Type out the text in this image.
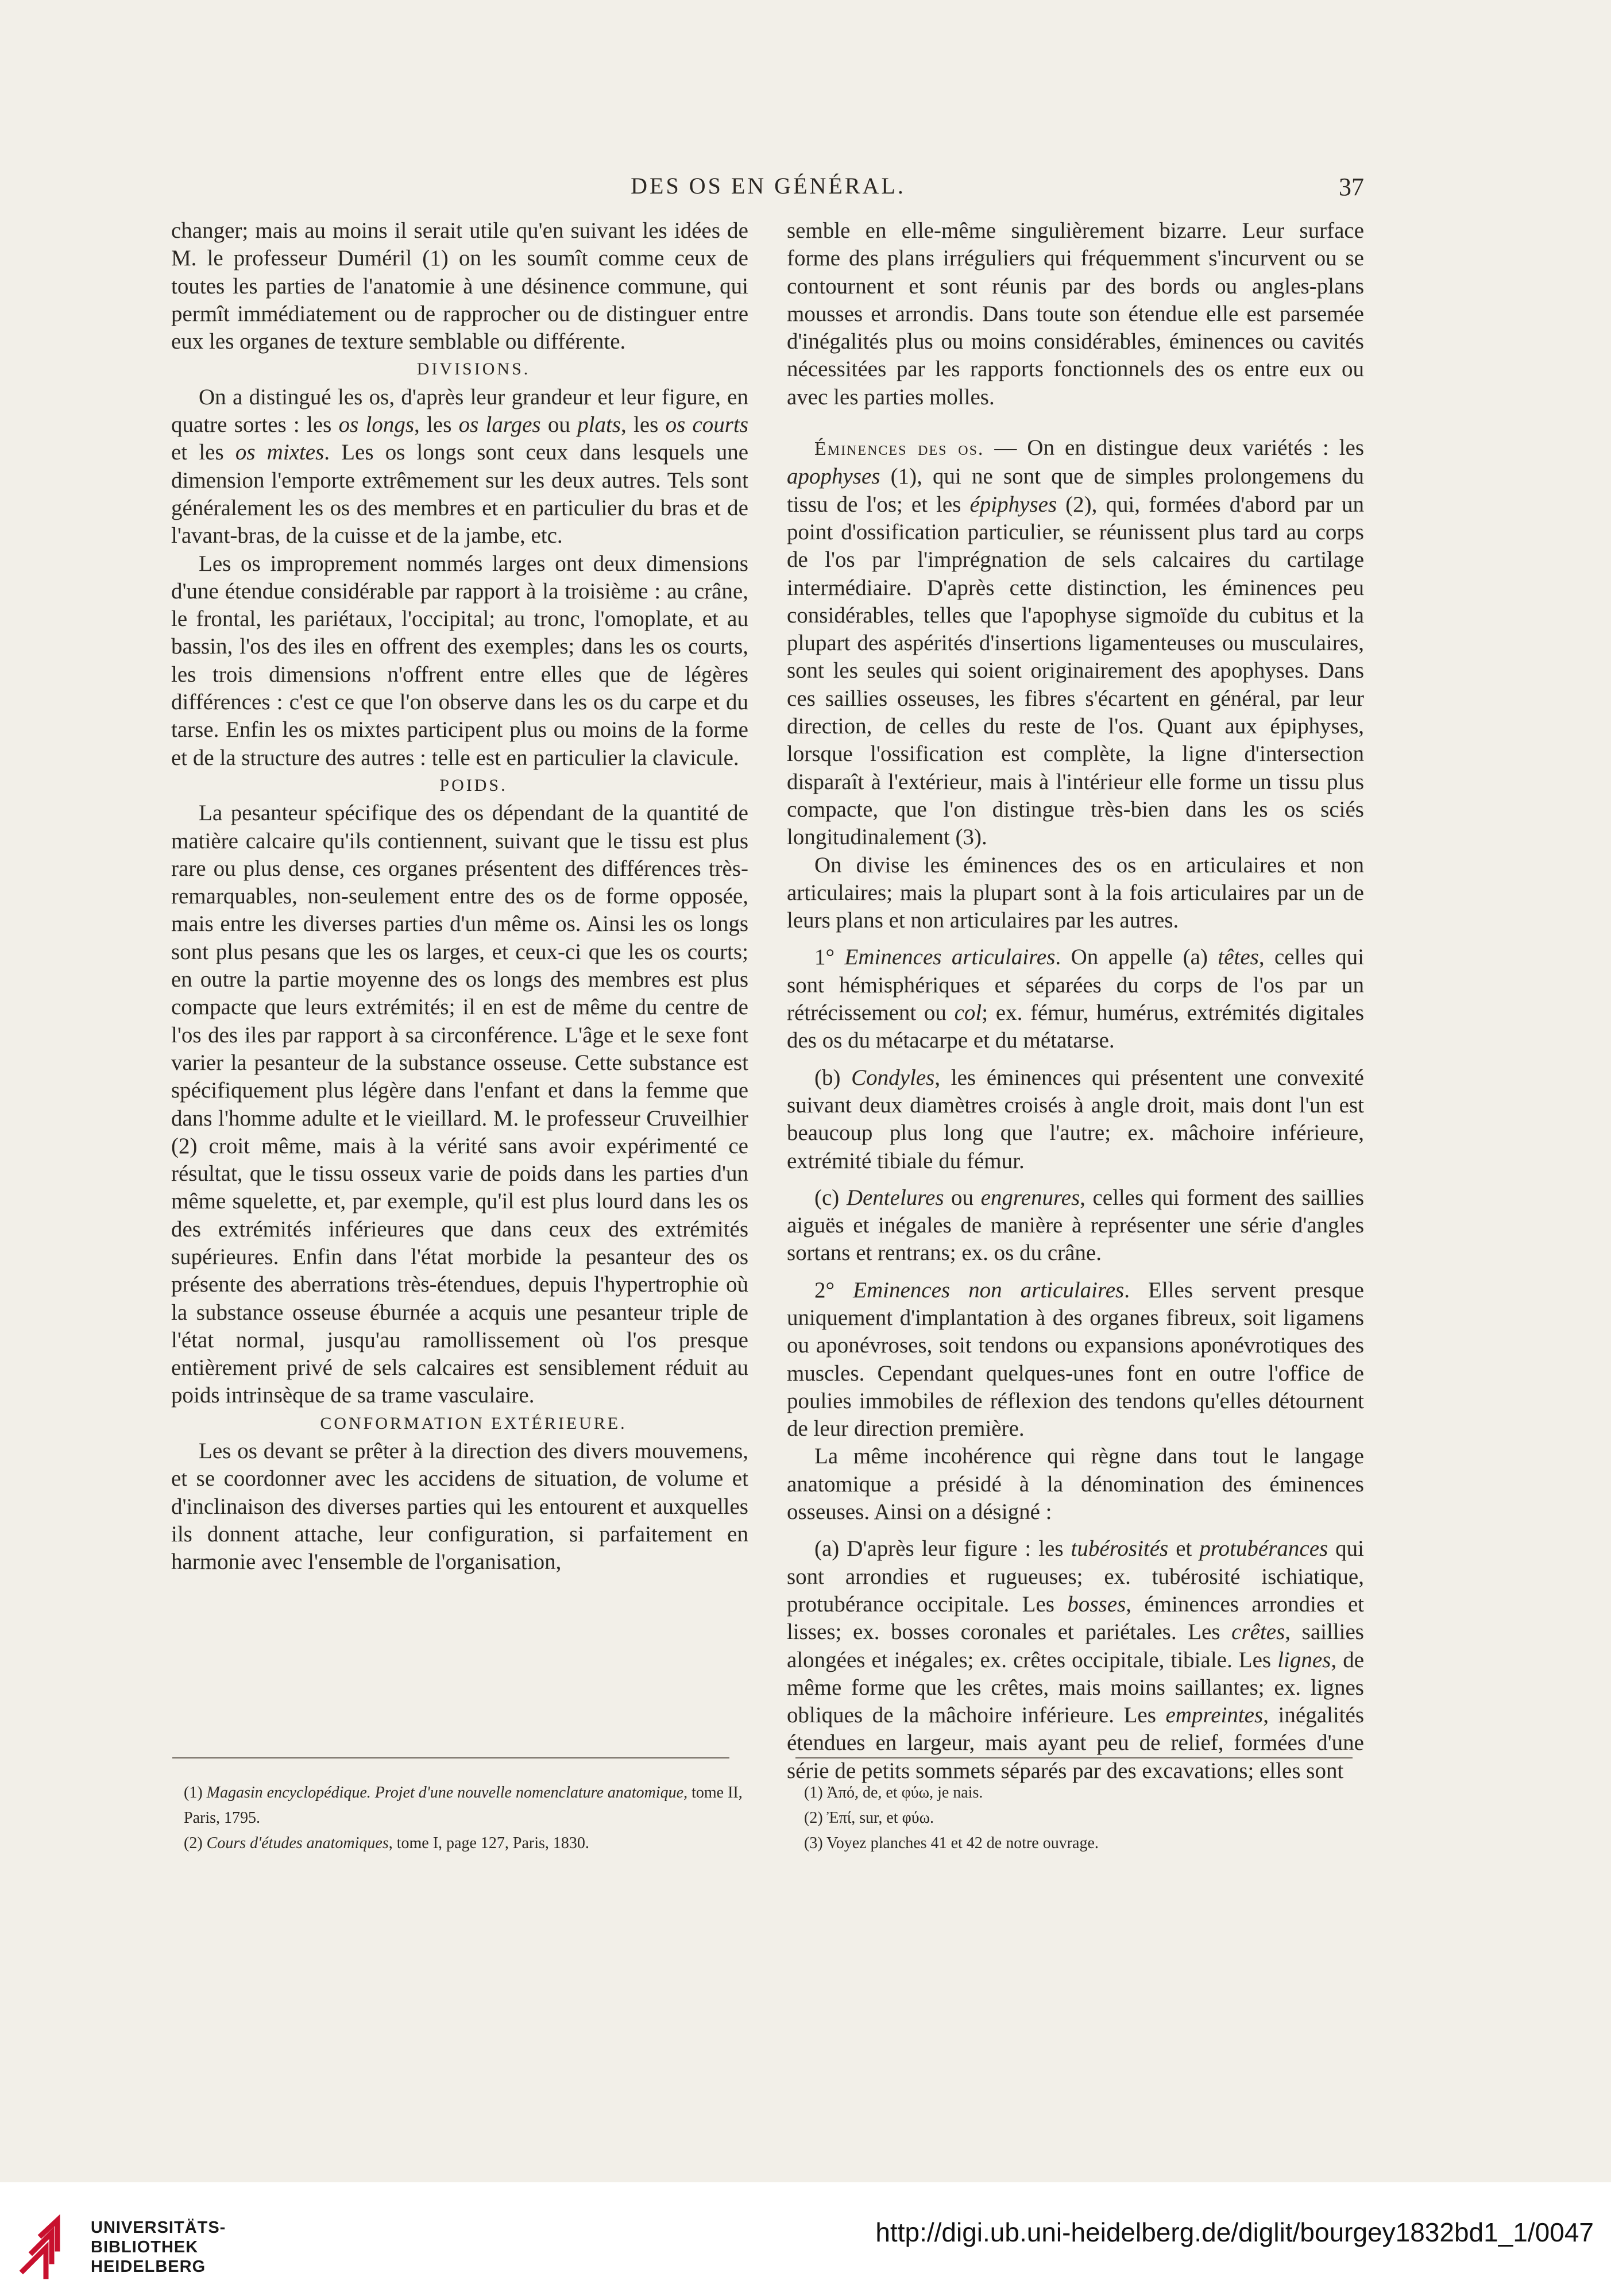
DES OS EN GÉNÉRAL.	37

changer; mais au moins il serait utile qu'en suivant les idées de M. le professeur Duméril (1) on les soumît comme ceux de toutes les parties de l'anatomie à une désinence commune, qui permît immédiatement ou de rapprocher ou de distinguer entre eux les organes de texture semblable ou différente.

DIVISIONS.

On a distingué les os, d'après leur grandeur et leur figure, en quatre sortes : les os longs, les os larges ou plats, les os courts et les os mixtes. Les os longs sont ceux dans lesquels une dimension l'emporte extrêmement sur les deux autres. Tels sont généralement les os des membres et en particulier du bras et de l'avant-bras, de la cuisse et de la jambe, etc.

Les os improprement nommés larges ont deux dimensions d'une étendue considérable par rapport à la troisième : au crâne, le frontal, les pariétaux, l'occipital; au tronc, l'omoplate, et au bassin, l'os des iles en offrent des exemples; dans les os courts, les trois dimensions n'offrent entre elles que de légères différences : c'est ce que l'on observe dans les os du carpe et du tarse. Enfin les os mixtes participent plus ou moins de la forme et de la structure des autres : telle est en particulier la clavicule.

POIDS.

La pesanteur spécifique des os dépendant de la quantité de matière calcaire qu'ils contiennent, suivant que le tissu est plus rare ou plus dense, ces organes présentent des différences très-remarquables, non-seulement entre des os de forme opposée, mais entre les diverses parties d'un même os. Ainsi les os longs sont plus pesans que les os larges, et ceux-ci que les os courts; en outre la partie moyenne des os longs des membres est plus compacte que leurs extrémités; il en est de même du centre de l'os des iles par rapport à sa circonférence. L'âge et le sexe font varier la pesanteur de la substance osseuse. Cette substance est spécifiquement plus légère dans l'enfant et dans la femme que dans l'homme adulte et le vieillard. M. le professeur Cruveilhier (2) croit même, mais à la vérité sans avoir expérimenté ce résultat, que le tissu osseux varie de poids dans les parties d'un même squelette, et, par exemple, qu'il est plus lourd dans les os des extrémités inférieures que dans ceux des extrémités supérieures. Enfin dans l'état morbide la pesanteur des os présente des aberrations très-étendues, depuis l'hypertrophie où la substance osseuse éburnée a acquis une pesanteur triple de l'état normal, jusqu'au ramollissement où l'os presque entièrement privé de sels calcaires est sensiblement réduit au poids intrinsèque de sa trame vasculaire.

CONFORMATION EXTÉRIEURE.

Les os devant se prêter à la direction des divers mouvemens, et se coordonner avec les accidens de situation, de volume et d'inclinaison des diverses parties qui les entourent et auxquelles ils donnent attache, leur configuration, si parfaitement en harmonie avec l'ensemble de l'organisation,

semble en elle-même singulièrement bizarre. Leur surface forme des plans irréguliers qui fréquemment s'incurvent ou se contournent et sont réunis par des bords ou angles-plans mousses et arrondis. Dans toute son étendue elle est parsemée d'inégalités plus ou moins considérables, éminences ou cavités nécessitées par les rapports fonctionnels des os entre eux ou avec les parties molles.

Éminences des os. — On en distingue deux variétés : les apophyses (1), qui ne sont que de simples prolongemens du tissu de l'os; et les épiphyses (2), qui, formées d'abord par un point d'ossification particulier, se réunissent plus tard au corps de l'os par l'imprégnation de sels calcaires du cartilage intermédiaire. D'après cette distinction, les éminences peu considérables, telles que l'apophyse sigmoïde du cubitus et la plupart des aspérités d'insertions ligamenteuses ou musculaires, sont les seules qui soient originairement des apophyses. Dans ces saillies osseuses, les fibres s'écartent en général, par leur direction, de celles du reste de l'os. Quant aux épiphyses, lorsque l'ossification est complète, la ligne d'intersection disparaît à l'extérieur, mais à l'intérieur elle forme un tissu plus compacte, que l'on distingue très-bien dans les os sciés longitudinalement (3).

On divise les éminences des os en articulaires et non articulaires; mais la plupart sont à la fois articulaires par un de leurs plans et non articulaires par les autres.

1° Eminences articulaires. On appelle (a) têtes, celles qui sont hémisphériques et séparées du corps de l'os par un rétrécissement ou col; ex. fémur, humérus, extrémités digitales des os du métacarpe et du métatarse.

(b) Condyles, les éminences qui présentent une convexité suivant deux diamètres croisés à angle droit, mais dont l'un est beaucoup plus long que l'autre; ex. mâchoire inférieure, extrémité tibiale du fémur.

(c) Dentelures ou engrenures, celles qui forment des saillies aiguës et inégales de manière à représenter une série d'angles sortans et rentrans; ex. os du crâne.

2° Eminences non articulaires. Elles servent presque uniquement d'implantation à des organes fibreux, soit ligamens ou aponévroses, soit tendons ou expansions aponévrotiques des muscles. Cependant quelques-unes font en outre l'office de poulies immobiles de réflexion des tendons qu'elles détournent de leur direction première.

La même incohérence qui règne dans tout le langage anatomique a présidé à la dénomination des éminences osseuses. Ainsi on a désigné :

(a) D'après leur figure : les tubérosités et protubérances qui sont arrondies et rugueuses; ex. tubérosité ischiatique, protubérance occipitale. Les bosses, éminences arrondies et lisses; ex. bosses coronales et pariétales. Les crêtes, saillies alongées et inégales; ex. crêtes occipitale, tibiale. Les lignes, de même forme que les crêtes, mais moins saillantes; ex. lignes obliques de la mâchoire inférieure. Les empreintes, inégalités étendues en largeur, mais ayant peu de relief, formées d'une série de petits sommets séparés par des excavations; elles sont

(1) Magasin encyclopédique. Projet d'une nouvelle nomenclature anatomique, tome II, Paris, 1795.
(2) Cours d'études anatomiques, tome I, page 127, Paris, 1830.
(1) Ἀπό, de, et φύω, je nais.
(2) Ἐπί, sur, et φύω.
(3) Voyez planches 41 et 42 de notre ouvrage.
UNIVERSITÄTS-
BIBLIOTHEK
HEIDELBERG
http://digi.ub.uni-heidelberg.de/diglit/bourgey1832bd1_1/0047
